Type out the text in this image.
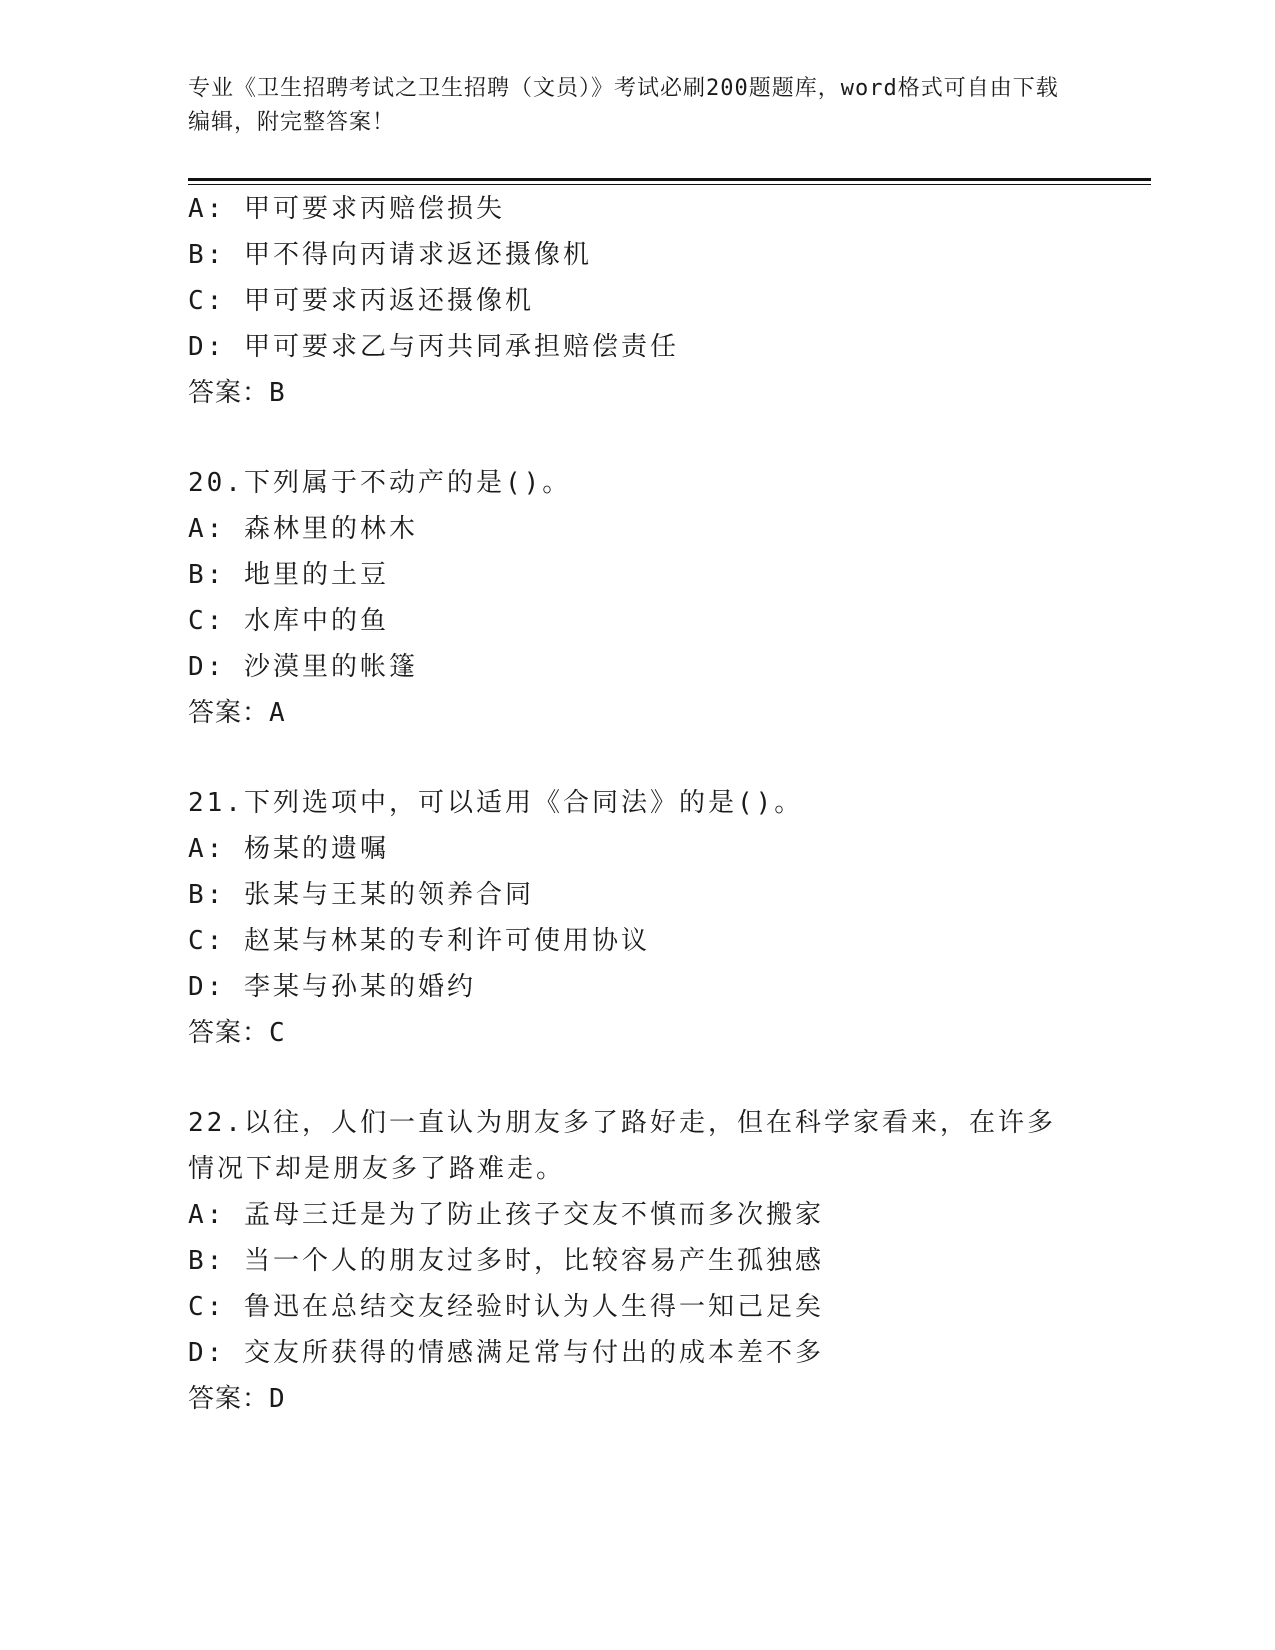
专业《卫生招聘考试之卫生招聘（文员）》考试必刷200题题库，word格式可自由下载编辑，附完整答案！
A: 甲可要求丙赔偿损失
B: 甲不得向丙请求返还摄像机
C: 甲可要求丙返还摄像机
D: 甲可要求乙与丙共同承担赔偿责任
答案：B
20.下列属于不动产的是()。
A: 森林里的林木
B: 地里的土豆
C: 水库中的鱼
D: 沙漠里的帐篷
答案：A
21.下列选项中，可以适用《合同法》的是()。
A: 杨某的遗嘱
B: 张某与王某的领养合同
C: 赵某与林某的专利许可使用协议
D: 李某与孙某的婚约
答案：C
22.以往，人们一直认为朋友多了路好走，但在科学家看来，在许多情况下却是朋友多了路难走。
A: 孟母三迁是为了防止孩子交友不慎而多次搬家
B: 当一个人的朋友过多时，比较容易产生孤独感
C: 鲁迅在总结交友经验时认为人生得一知己足矣
D: 交友所获得的情感满足常与付出的成本差不多
答案：D
